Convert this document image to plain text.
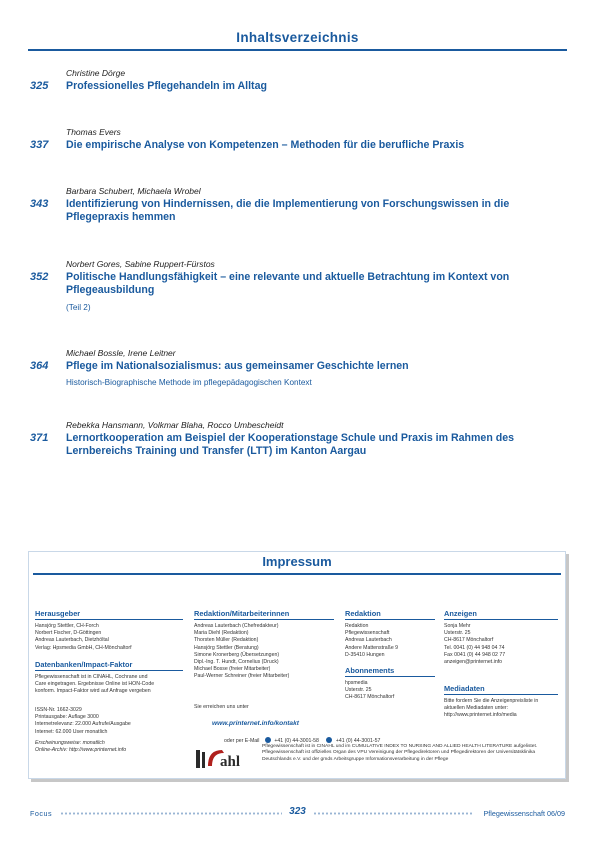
Inhaltsverzeichnis
Christine Dörge
325	Professionelles Pflegehandeln im Alltag
Thomas Evers
337	Die empirische Analyse von Kompetenzen – Methoden für die berufliche Praxis
Barbara Schubert, Michaela Wrobel
343	Identifizierung von Hindernissen, die die Implementierung von Forschungswissen in die Pflegepraxis hemmen
Norbert Gores, Sabine Ruppert-Fürstos
352	Politische Handlungsfähigkeit – eine relevante und aktuelle Betrachtung im Kontext von Pflegeausbildung
(Teil 2)
Michael Bossle, Irene Leitner
364	Pflege im Nationalsozialismus: aus gemeinsamer Geschichte lernen
Historisch-Biographische Methode im pflegepädagogischen Kontext
Rebekka Hansmann, Volkmar Blaha, Rocco Umbescheidt
371	Lernortkooperation am Beispiel der Kooperationstage Schule und Praxis im Rahmen des Lernbereichs Training und Transfer (LTT) im Kanton Aargau
Impressum
Herausgeber
Hansjörg Stettler, CH-Forch
Norbert Fischer, D-Göttingen
Andreas Lauterbach, Dietzhöltal
Verlag: Hpsmedia GmbH, CH-Mönchaltorf
Datenbanken/Impact-Faktor
Pflegewissenschaft ist in CINAHL, Cochrane und Care eingetragen. Ergebnisse Online ist HON-Code konform. Impact-Faktor wird auf Anfrage vergeben
ISSN-Nr. 1662-3029
Printausgabe: Auflage 3000
Internetrelevanz: 22.000 Aufrufe/Ausgabe
Internet: 62.000 User monatlich
Erscheinungsweise: monatlich
Online-Archiv: http://www.printernet.info
Redaktion/Mitarbeiterinnen
Andreas Lauterbach (Chefredakteur)
Maria Diehl (Redaktion)
Thorsten Müller (Redaktion)
Hansjörg Stettler (Beratung)
Simone Kronerberg (Übersetzungen)
Dipl.-Ing. T. Hundt, Cornelius (Druck)
Michael Bosse (freier Mitarbeiter)
Paul-Werner Schreiner (freier Mitarbeiter)
Redaktion
Redaktion
Pflegewissenschaft
Andreas Lauterbach
Andere Mattenstraße 9
D-35410 Hungen
Abonnements
hpsmedia
Usterstr. 25
CH-8617 Mönchaltorf
Anzeigen
Sonja Mehr
Usterstr. 25
CH-8617 Mönchaltorf
Tel. 0041 (0) 44 948 04 74
Fax 0041 (0) 44 948 02 77
anzeigen@printernet.info
Mediadaten
Bitte fordern Sie die Anzeigenpreisliste in aktuellen Mediadaten unter: http://www.printernet.info/media
Sie erreichen uns unter
www.printernet.info/kontakt
oder per E-Mail	+41 (0) 44-3001-58	+41 (0) 44-3001-57
ahl
Pflegewissenschaft ist in CINAHL und im CUMULATIVE INDEX TO NURSING AND ALLIED HEALTH LITERATURE aufgelistet. Pflegewissenschaft ist offizielles Organ des VPU Vereinigung der Pflegedirektoren und Pflegedirektoren der Universitätsklinika Deutschlands e.V. und der gmds Arbeitsgruppe Informationsverarbeitung in der Pflege
Focus	323	Pflegewissenschaft 06/09
